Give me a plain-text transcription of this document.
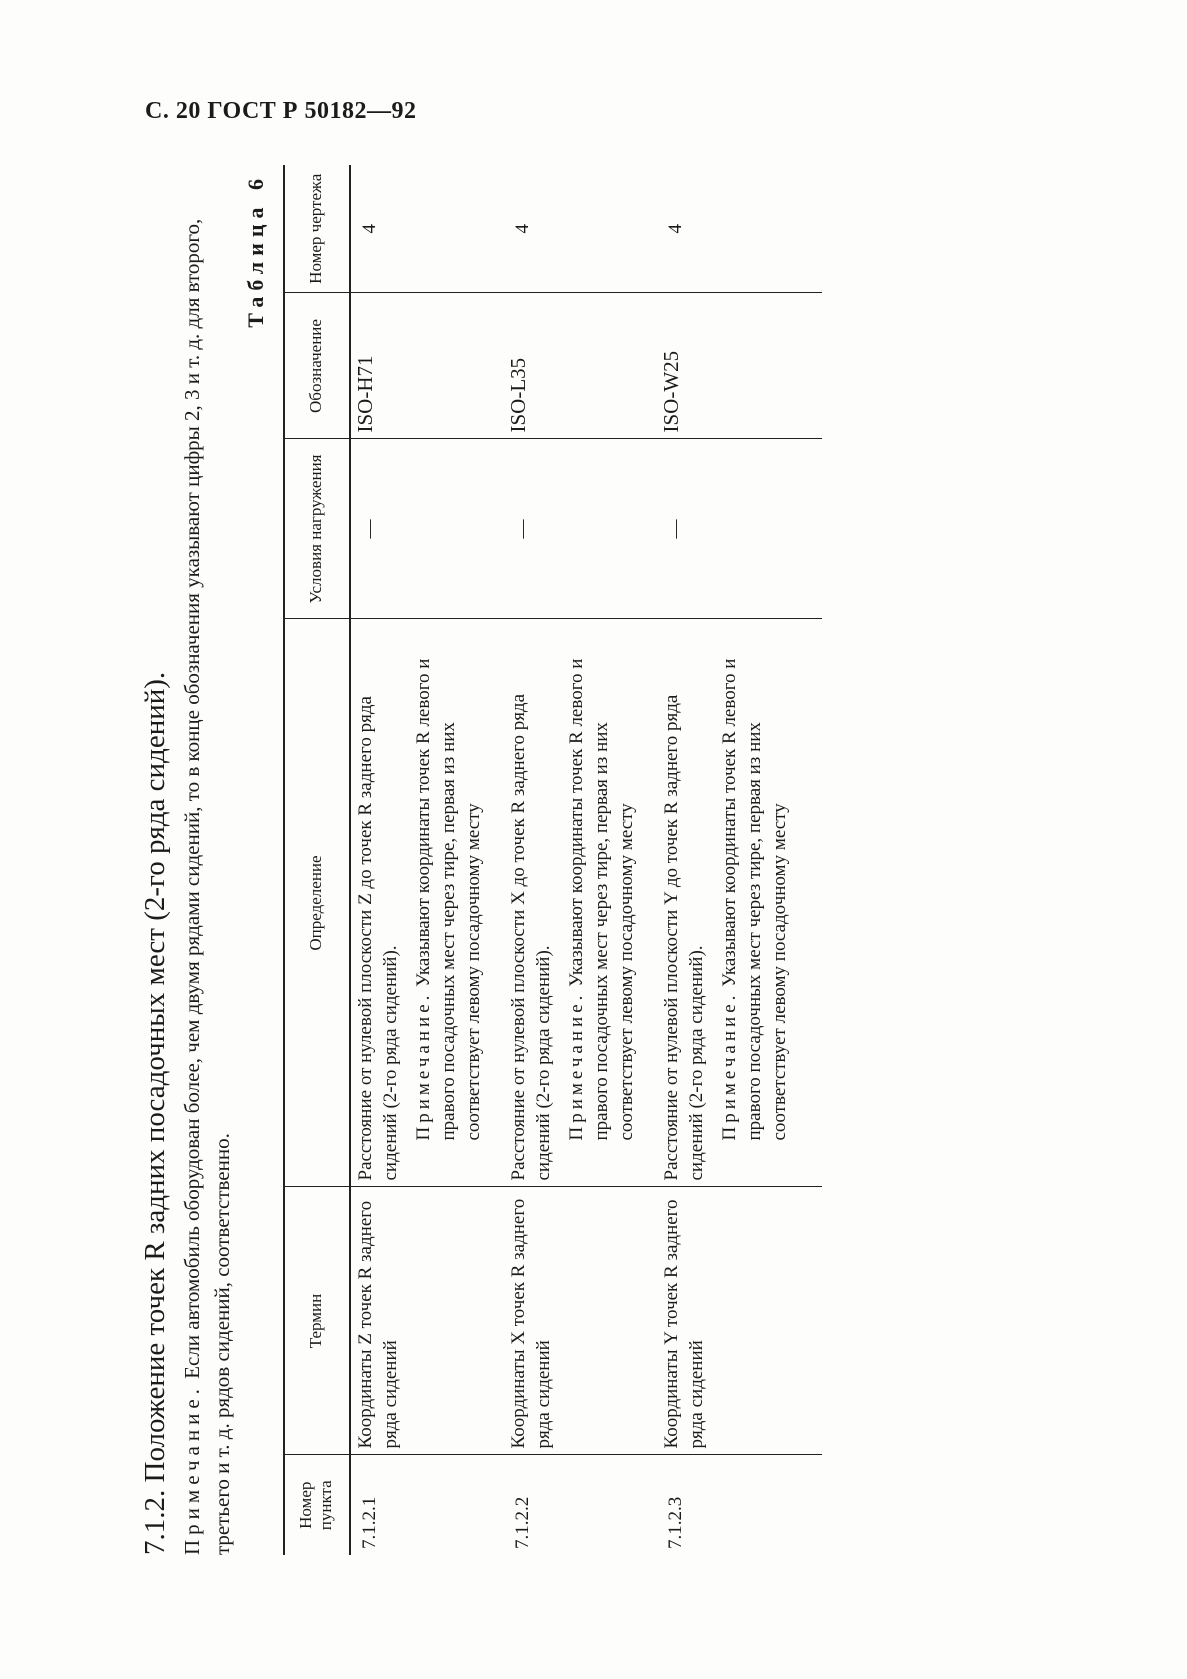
С. 20 ГОСТ Р 50182—92
7.1.2. Положение точек R задних посадочных мест (2-го ряда сидений). Примечание. Если автомобиль оборудован более, чем двумя рядами сидений, то в конце обозначения указывают цифры 2, 3 и т. д. для второго, третьего и т. д. рядов сидений, соответственно.
Таблица 6
Номер пункта	Термин	Определение	Условия нагружения	Обозначение	Номер чертежа
7.1.2.1	Координаты Z точек R заднего ряда сидений	Расстояние от нулевой плоскости Z до точек R заднего ряда сидений (2-го ряда сидений). Примечание. Указывают координаты точек R левого и правого посадочных мест через тире, первая из них соответствует левому посадочному месту	—	ISO-H71	4
7.1.2.2	Координаты X точек R заднего ряда сидений	Расстояние от нулевой плоскости X до точек R заднего ряда сидений (2-го ряда сидений). Примечание. Указывают координаты точек R левого и правого посадочных мест через тире, первая из них соответствует левому посадочному месту	—	ISO-L35	4
7.1.2.3	Координаты Y точек R заднего ряда сидений	Расстояние от нулевой плоскости Y до точек R заднего ряда сидений (2-го ряда сидений). Примечание. Указывают координаты точек R левого и правого посадочных мест через тире, первая из них соответствует левому посадочному месту	—	ISO-W25	4
